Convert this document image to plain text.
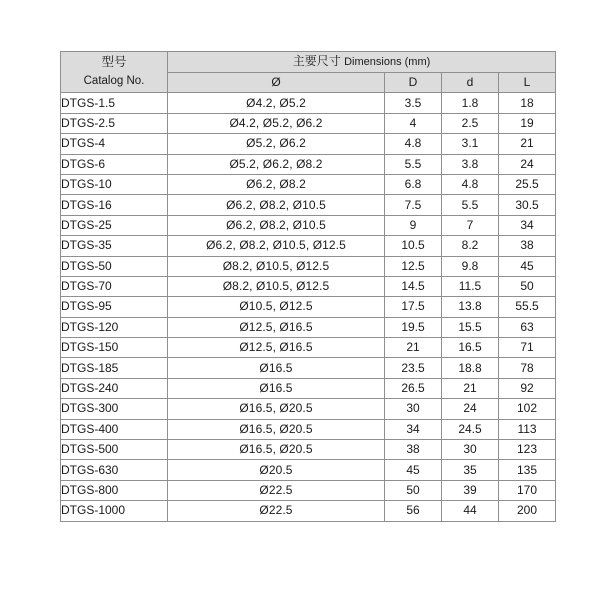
型号
Catalog No.	主要尺寸 Dimensions (mm)			
	Ø	D	d	L
DTGS-1.5	Ø4.2, Ø5.2	3.5	1.8	18
DTGS-2.5	Ø4.2, Ø5.2, Ø6.2	4	2.5	19
DTGS-4	Ø5.2, Ø6.2	4.8	3.1	21
DTGS-6	Ø5.2, Ø6.2, Ø8.2	5.5	3.8	24
DTGS-10	Ø6.2, Ø8.2	6.8	4.8	25.5
DTGS-16	Ø6.2, Ø8.2, Ø10.5	7.5	5.5	30.5
DTGS-25	Ø6.2, Ø8.2, Ø10.5	9	7	34
DTGS-35	Ø6.2, Ø8.2, Ø10.5, Ø12.5	10.5	8.2	38
DTGS-50	Ø8.2, Ø10.5, Ø12.5	12.5	9.8	45
DTGS-70	Ø8.2, Ø10.5, Ø12.5	14.5	11.5	50
DTGS-95	Ø10.5, Ø12.5	17.5	13.8	55.5
DTGS-120	Ø12.5, Ø16.5	19.5	15.5	63
DTGS-150	Ø12.5, Ø16.5	21	16.5	71
DTGS-185	Ø16.5	23.5	18.8	78
DTGS-240	Ø16.5	26.5	21	92
DTGS-300	Ø16.5, Ø20.5	30	24	102
DTGS-400	Ø16.5, Ø20.5	34	24.5	113
DTGS-500	Ø16.5, Ø20.5	38	30	123
DTGS-630	Ø20.5	45	35	135
DTGS-800	Ø22.5	50	39	170
DTGS-1000	Ø22.5	56	44	200
